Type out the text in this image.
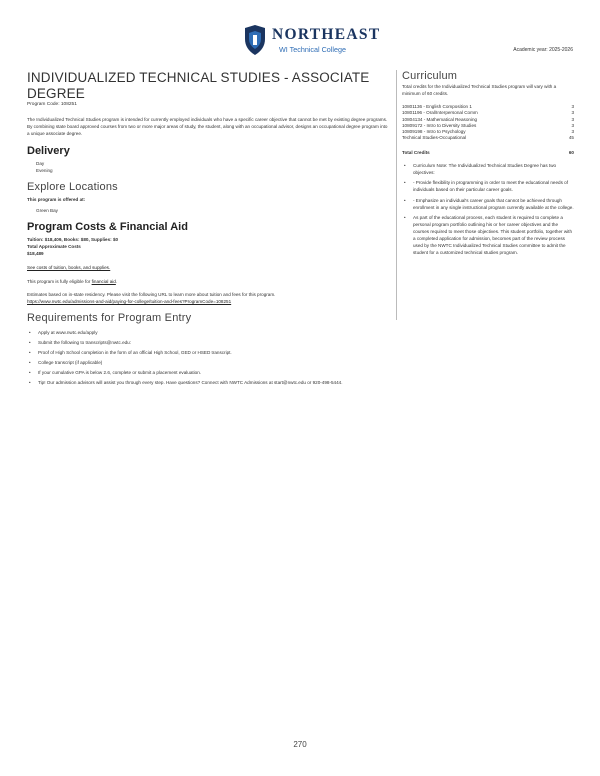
NORTHEAST
WI Technical College	Academic year: 2025-2026
INDIVIDUALIZED TECHNICAL STUDIES - ASSOCIATE DEGREE
Program Code: 108251
The Individualized Technical Studies program is intended for currently employed individuals who have a specific career objective that cannot be met by existing degree programs. By combining state board approved courses from two or more major areas of study, the student, along with an occupational advisor, designs an occupational degree program into a unique associate degree.
Delivery
Day
Evening
Explore Locations
This program is offered at:
Green Bay
Program Costs & Financial Aid
Tuition: $18,409, Books: $80, Supplies: $0
Total Approximate Costs
$18,489
See costs of tuition, books, and supplies.
This program is fully eligible for financial aid.
Estimates based on in-state residency. Please visit the following URL to learn more about tuition and fees for this program.
https://www.nwtc.edu/admissions-and-aid/paying-for-college/tuition-and-fees?ProgramCode=108251
Requirements for Program Entry
• Apply at www.nwtc.edu/apply
• Submit the following to transcripts@nwtc.edu:
• Proof of High School completion in the form of an official High School, GED or HSED transcript.
• College transcript (if applicable)
• If your cumulative GPA is below 2.6, complete or submit a placement evaluation.
• Tip! Our admission advisors will assist you through every step. Have questions? Connect with NWTC Admissions at start@nwtc.edu or 920-498-5444.
Curriculum
Total credits for the Individualized Technical Studies program will vary with a minimum of 60 credits.
10801136 - English Composition 1	3
10801196 - Oral/Interpersonal Comm	3
10804134 - Mathematical Reasoning	3
10809172 - Intro to Diversity Studies	3
10809198 - Intro to Psychology	3
Technical Studies-Occupational	45
Total Credits	60
• Curriculum Note: The Individualized Technical Studies Degree has two objectives:
• - Provide flexibility in programming in order to meet the educational needs of individuals based on their particular career goals.
• - Emphasize an individual's career goals that cannot be achieved through enrollment in any single instructional program currently available at the college.
• As part of the educational process, each student is required to complete a personal program portfolio outlining his or her career objectives and the courses required to meet those objectives. This student portfolio, together with a completed application for admission, becomes part of the review process used by the NWTC Individualized Technical Studies committee to admit the student for a customized technical studies program.
270
